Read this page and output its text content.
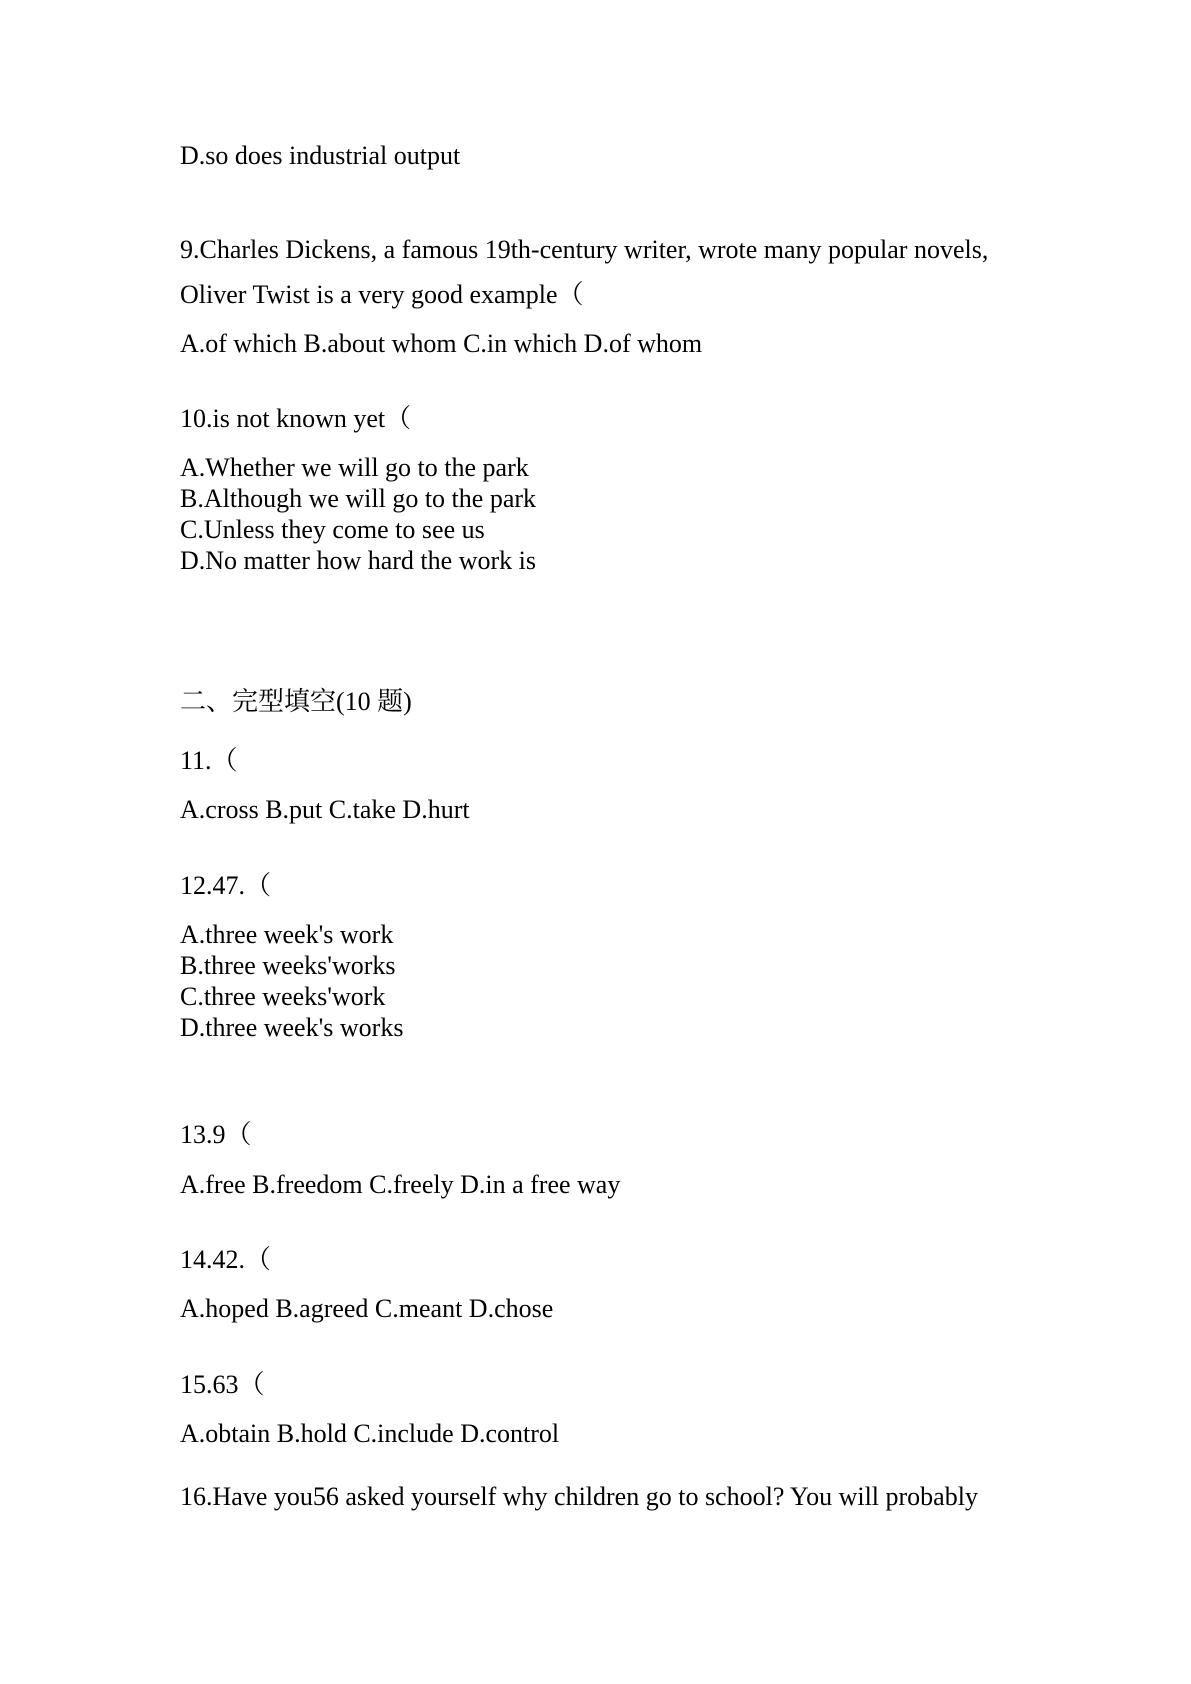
D.so does industrial output

9.Charles Dickens, a famous 19th-century writer, wrote many popular novels,

Oliver Twist is a very good example（

A.of which B.about whom C.in which D.of whom

10.is not known yet（

A.Whether we will go to the park

B.Although we will go to the park

C.Unless they come to see us

D.No matter how hard the work is

二、完型填空(10 题)

11.（

A.cross B.put C.take D.hurt

12.47.（

A.three week's work

B.three weeks'works

C.three weeks'work

D.three week's works

13.9（

A.free B.freedom C.freely D.in a free way

14.42.（

A.hoped B.agreed C.meant D.chose

15.63（

A.obtain B.hold C.include D.control

16.Have you56 asked yourself why children go to school? You will probably
